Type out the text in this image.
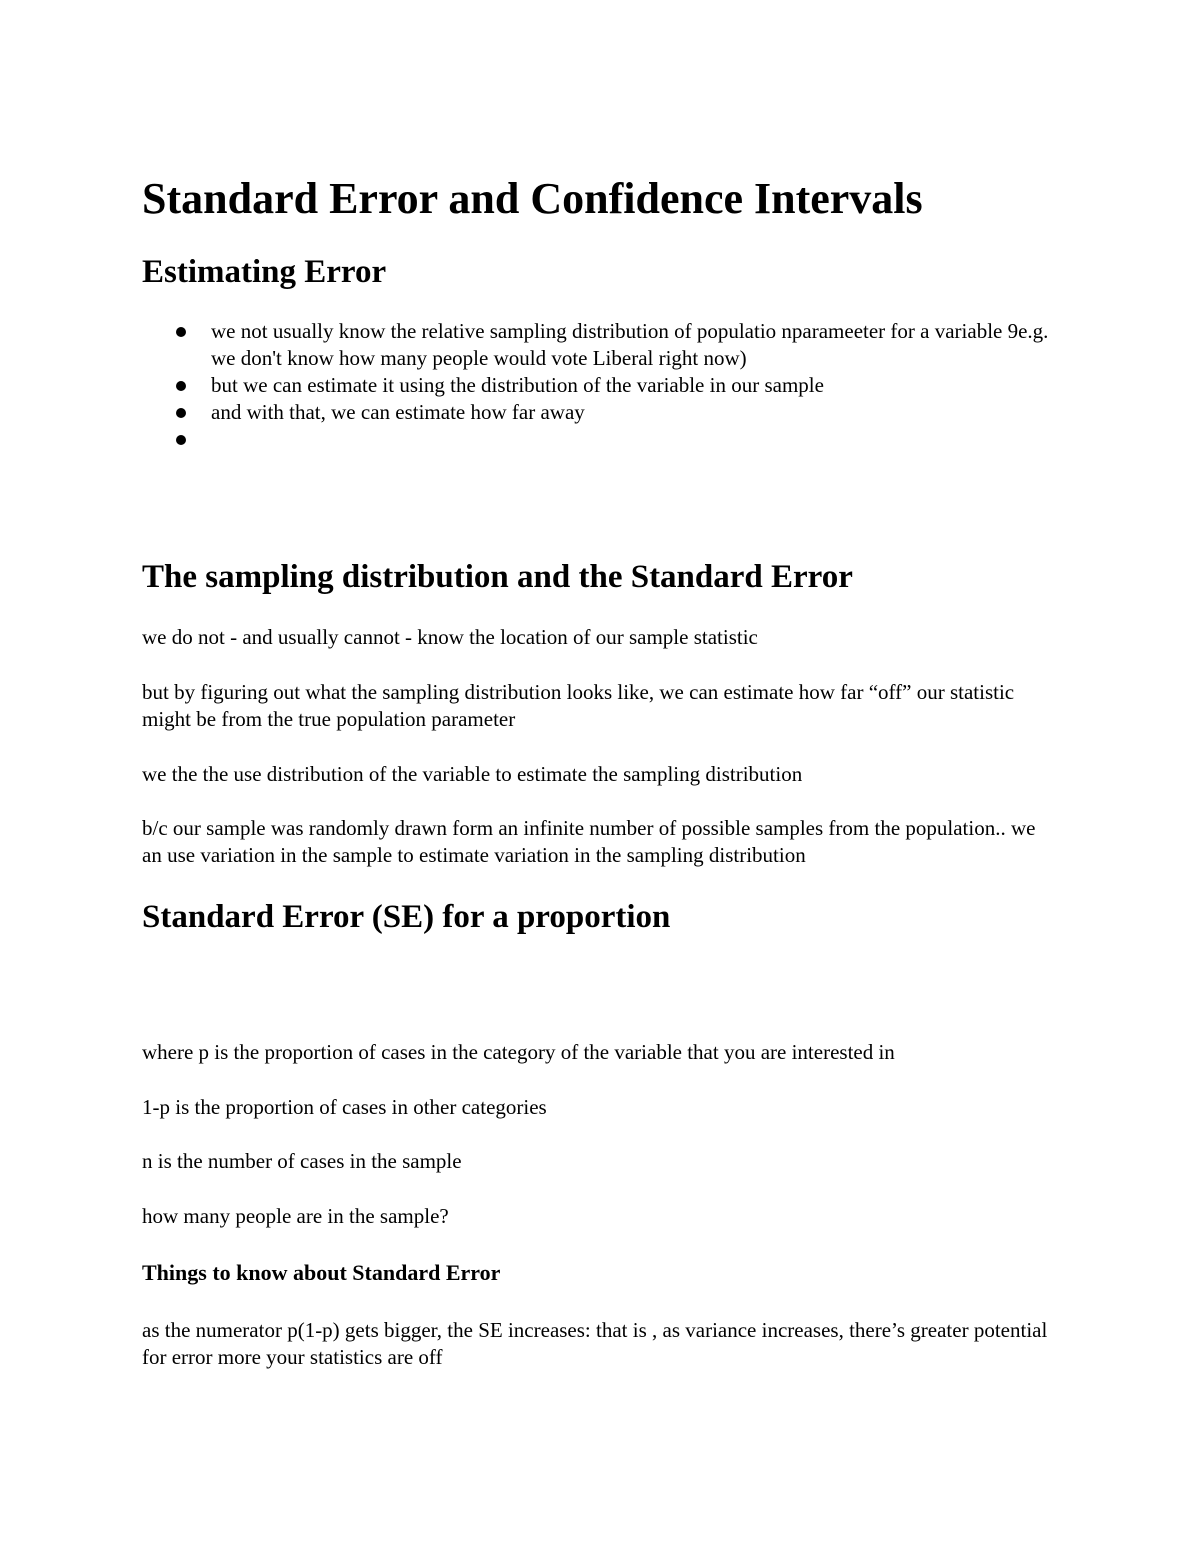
Standard Error and Confidence Intervals
Estimating Error
we not usually know the relative sampling distribution of populatio nparameeter for a variable 9e.g. we don't know how many people would vote Liberal right now)
but we can estimate it using the distribution of the variable in our sample
and with that, we can estimate how far away
The sampling distribution and the Standard Error

we do not - and usually cannot - know the location of our sample statistic

but by figuring out what the sampling distribution looks like, we can estimate how far “off” our statistic might be from the true population parameter

we the the use distribution of the variable to estimate the sampling distribution

b/c our sample was randomly drawn form an infinite number of possible samples from the population.. we an use variation in the sample to estimate variation in the sampling distribution

Standard Error (SE) for a proportion

where p is the proportion of cases in the category of the variable that you are interested in

1-p is the proportion of cases in other categories

n is the number of cases in the sample

how many people are in the sample?

Things to know about Standard Error

as the numerator p(1-p) gets bigger, the SE increases: that is , as variance increases, there’s greater potential for error more your statistics are off
